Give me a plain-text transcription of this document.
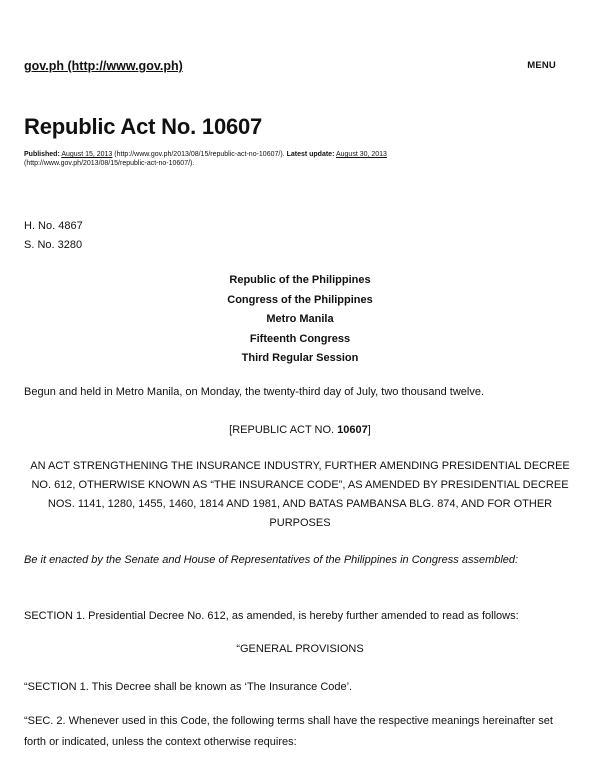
gov.ph (http://www.gov.ph)	MENU
Republic Act No. 10607
Published: August 15, 2013 (http://www.gov.ph/2013/08/15/republic-act-no-10607/). Latest update: August 30, 2013 (http://www.gov.ph/2013/08/15/republic-act-no-10607/).
H. No. 4867
S. No. 3280
Republic of the Philippines
Congress of the Philippines
Metro Manila
Fifteenth Congress
Third Regular Session
Begun and held in Metro Manila, on Monday, the twenty-third day of July, two thousand twelve.
[REPUBLIC ACT NO. 10607]
AN ACT STRENGTHENING THE INSURANCE INDUSTRY, FURTHER AMENDING PRESIDENTIAL DECREE NO. 612, OTHERWISE KNOWN AS “THE INSURANCE CODE”, AS AMENDED BY PRESIDENTIAL DECREE NOS. 1141, 1280, 1455, 1460, 1814 AND 1981, AND BATAS PAMBANSA BLG. 874, AND FOR OTHER PURPOSES
Be it enacted by the Senate and House of Representatives of the Philippines in Congress assembled:
SECTION 1. Presidential Decree No. 612, as amended, is hereby further amended to read as follows:
“GENERAL PROVISIONS
“SECTION 1. This Decree shall be known as ‘The Insurance Code’.
“SEC. 2. Whenever used in this Code, the following terms shall have the respective meanings hereinafter set forth or indicated, unless the context otherwise requires:
